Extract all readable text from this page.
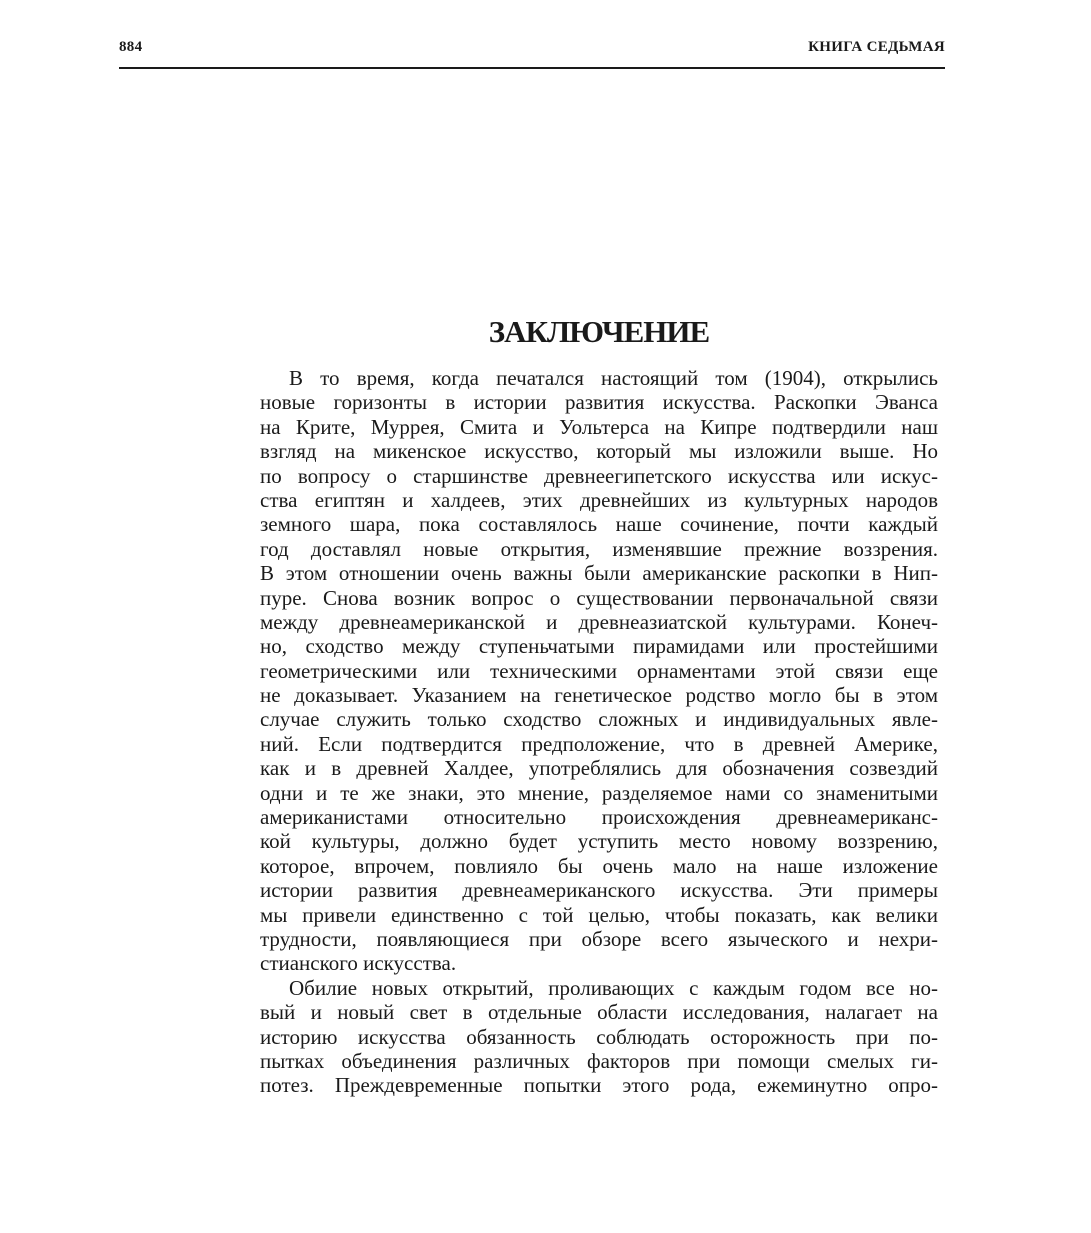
884	КНИГА СЕДЬМАЯ
ЗАКЛЮЧЕНИЕ

В то время, когда печатался настоящий том (1904), открылись
новые горизонты в истории развития искусства. Раскопки Эванса
на Крите, Муррея, Смита и Уольтерса на Кипре подтвердили наш
взгляд на микенское искусство, который мы изложили выше. Но
по вопросу о старшинстве древнеегипетского искусства или искус-
ства египтян и халдеев, этих древнейших из культурных народов
земного шара, пока составлялось наше сочинение, почти каждый
год доставлял новые открытия, изменявшие прежние воззрения.
В этом отношении очень важны были американские раскопки в Нип-
пуре. Снова возник вопрос о существовании первоначальной связи
между древнеамериканской и древнеазиатской культурами. Конеч-
но, сходство между ступеньчатыми пирамидами или простейшими
геометрическими или техническими орнаментами этой связи еще
не доказывает. Указанием на генетическое родство могло бы в этом
случае служить только сходство сложных и индивидуальных явле-
ний. Если подтвердится предположение, что в древней Америке,
как и в древней Халдее, употреблялись для обозначения созвездий
одни и те же знаки, это мнение, разделяемое нами со знаменитыми
американистами относительно происхождения древнеамериканс-
кой культуры, должно будет уступить место новому воззрению,
которое, впрочем, повлияло бы очень мало на наше изложение
истории развития древнеамериканского искусства. Эти примеры
мы привели единственно с той целью, чтобы показать, как велики
трудности, появляющиеся при обзоре всего языческого и нехри-
стианского искусства.

Обилие новых открытий, проливающих с каждым годом все но-
вый и новый свет в отдельные области исследования, налагает на
историю искусства обязанность соблюдать осторожность при по-
пытках объединения различных факторов при помощи смелых ги-
потез. Преждевременные попытки этого рода, ежеминутно опро-
